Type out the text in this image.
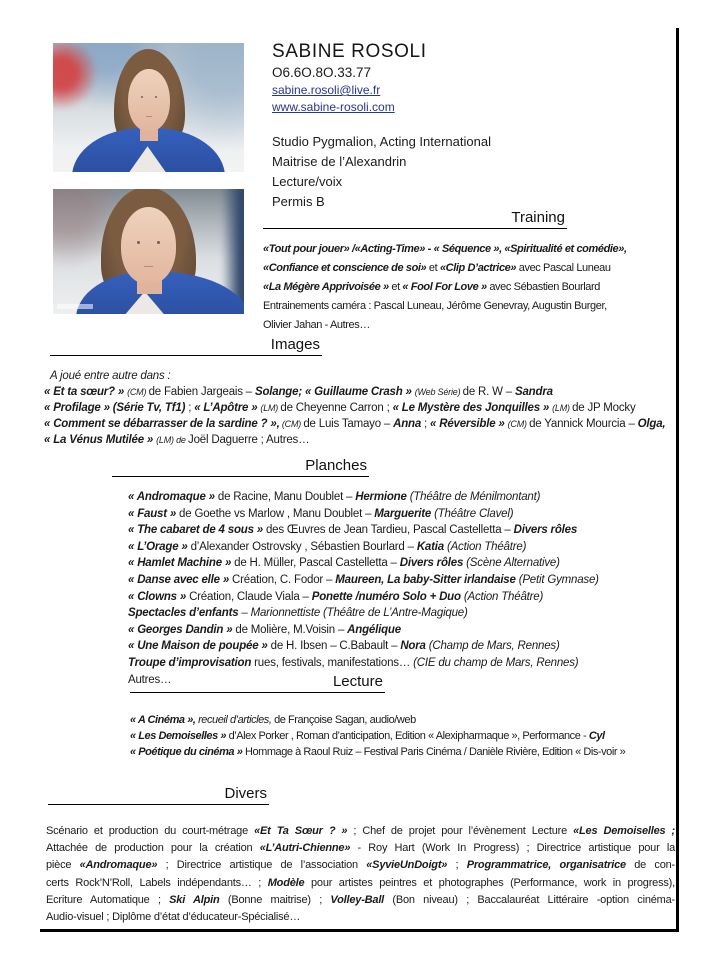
SABINE ROSOLI
O6.6O.8O.33.77
sabine.rosoli@live.fr
www.sabine-rosoli.com
Studio Pygmalion, Acting International
Maitrise de l’Alexandrin
Lecture/voix
Permis B
Training
«Tout pour jouer» /«Acting-Time» - « Séquence », «Spiritualité et comédie»,
«Confiance et conscience de soi» et «Clip D’actrice» avec Pascal Luneau
«La Mégère Apprivoisée » et « Fool For Love » avec Sébastien Bourlard
Entrainements caméra : Pascal Luneau, Jérôme Genevray, Augustin Burger,
Olivier Jahan - Autres…
Images
A joué entre autre dans :
« Et ta sœur? » (CM) de Fabien Jargeais – Solange; « Guillaume Crash » (Web Série) de R. W – Sandra
« Profilage » (Série Tv, Tf1) ; « L’Apôtre » (LM) de Cheyenne Carron ; « Le Mystère des Jonquilles » (LM) de JP Mocky
« Comment se débarrasser de la sardine ? », (CM) de Luis Tamayo – Anna ; « Réversible » (CM) de Yannick Mourcia – Olga,
« La Vénus Mutilée » (LM) de Joël Daguerre ; Autres…
Planches
« Andromaque » de Racine, Manu Doublet – Hermione (Théâtre de Ménilmontant)
« Faust » de Goethe vs Marlow , Manu Doublet – Marguerite (Théâtre Clavel)
« The cabaret de 4 sous » des Œuvres de Jean Tardieu, Pascal Castelletta – Divers rôles
« L’Orage » d’Alexander Ostrovsky , Sébastien Bourlard – Katia (Action Théâtre)
« Hamlet Machine » de H. Müller, Pascal Castelletta – Divers rôles (Scène Alternative)
« Danse avec elle » Création, C. Fodor – Maureen, La baby-Sitter irlandaise (Petit Gymnase)
« Clowns » Création, Claude Viala – Ponette /numéro Solo + Duo (Action Théâtre)
Spectacles d’enfants – Marionnettiste (Théâtre de L’Antre-Magique)
« Georges Dandin » de Molière, M.Voisin – Angélique
« Une Maison de poupée » de H. Ibsen – C.Babault – Nora (Champ de Mars, Rennes)
Troupe d’improvisation rues, festivals, manifestations… (CIE du champ de Mars, Rennes)
Autres…	Lecture
« A Cinéma », recueil d’articles, de Françoise Sagan, audio/web
« Les Demoiselles » d’Alex Porker , Roman d’anticipation, Edition « Alexipharmaque », Performance - Cyl
« Poétique du cinéma » Hommage à Raoul Ruiz – Festival Paris Cinéma / Danièle Rivière, Edition « Dis-voir »
Divers
Scénario et production du court-métrage «Et Ta Sœur ? » ; Chef de projet pour l’évènement Lecture «Les Demoiselles ;
Attachée de production pour la création «L’Autri-Chienne» - Roy Hart (Work In Progress) ; Directrice artistique pour la
pièce «Andromaque» ; Directrice artistique de l’association «SyvieUnDoigt» ; Programmatrice, organisatrice de con-
certs Rock’N’Roll, Labels indépendants… ; Modèle pour artistes peintres et photographes (Performance, work in progress),
Ecriture Automatique ; Ski Alpin (Bonne maitrise) ; Volley-Ball (Bon niveau) ; Baccalauréat Littéraire -option cinéma-
Audio-visuel ; Diplôme d’état d’éducateur-Spécialisé…
